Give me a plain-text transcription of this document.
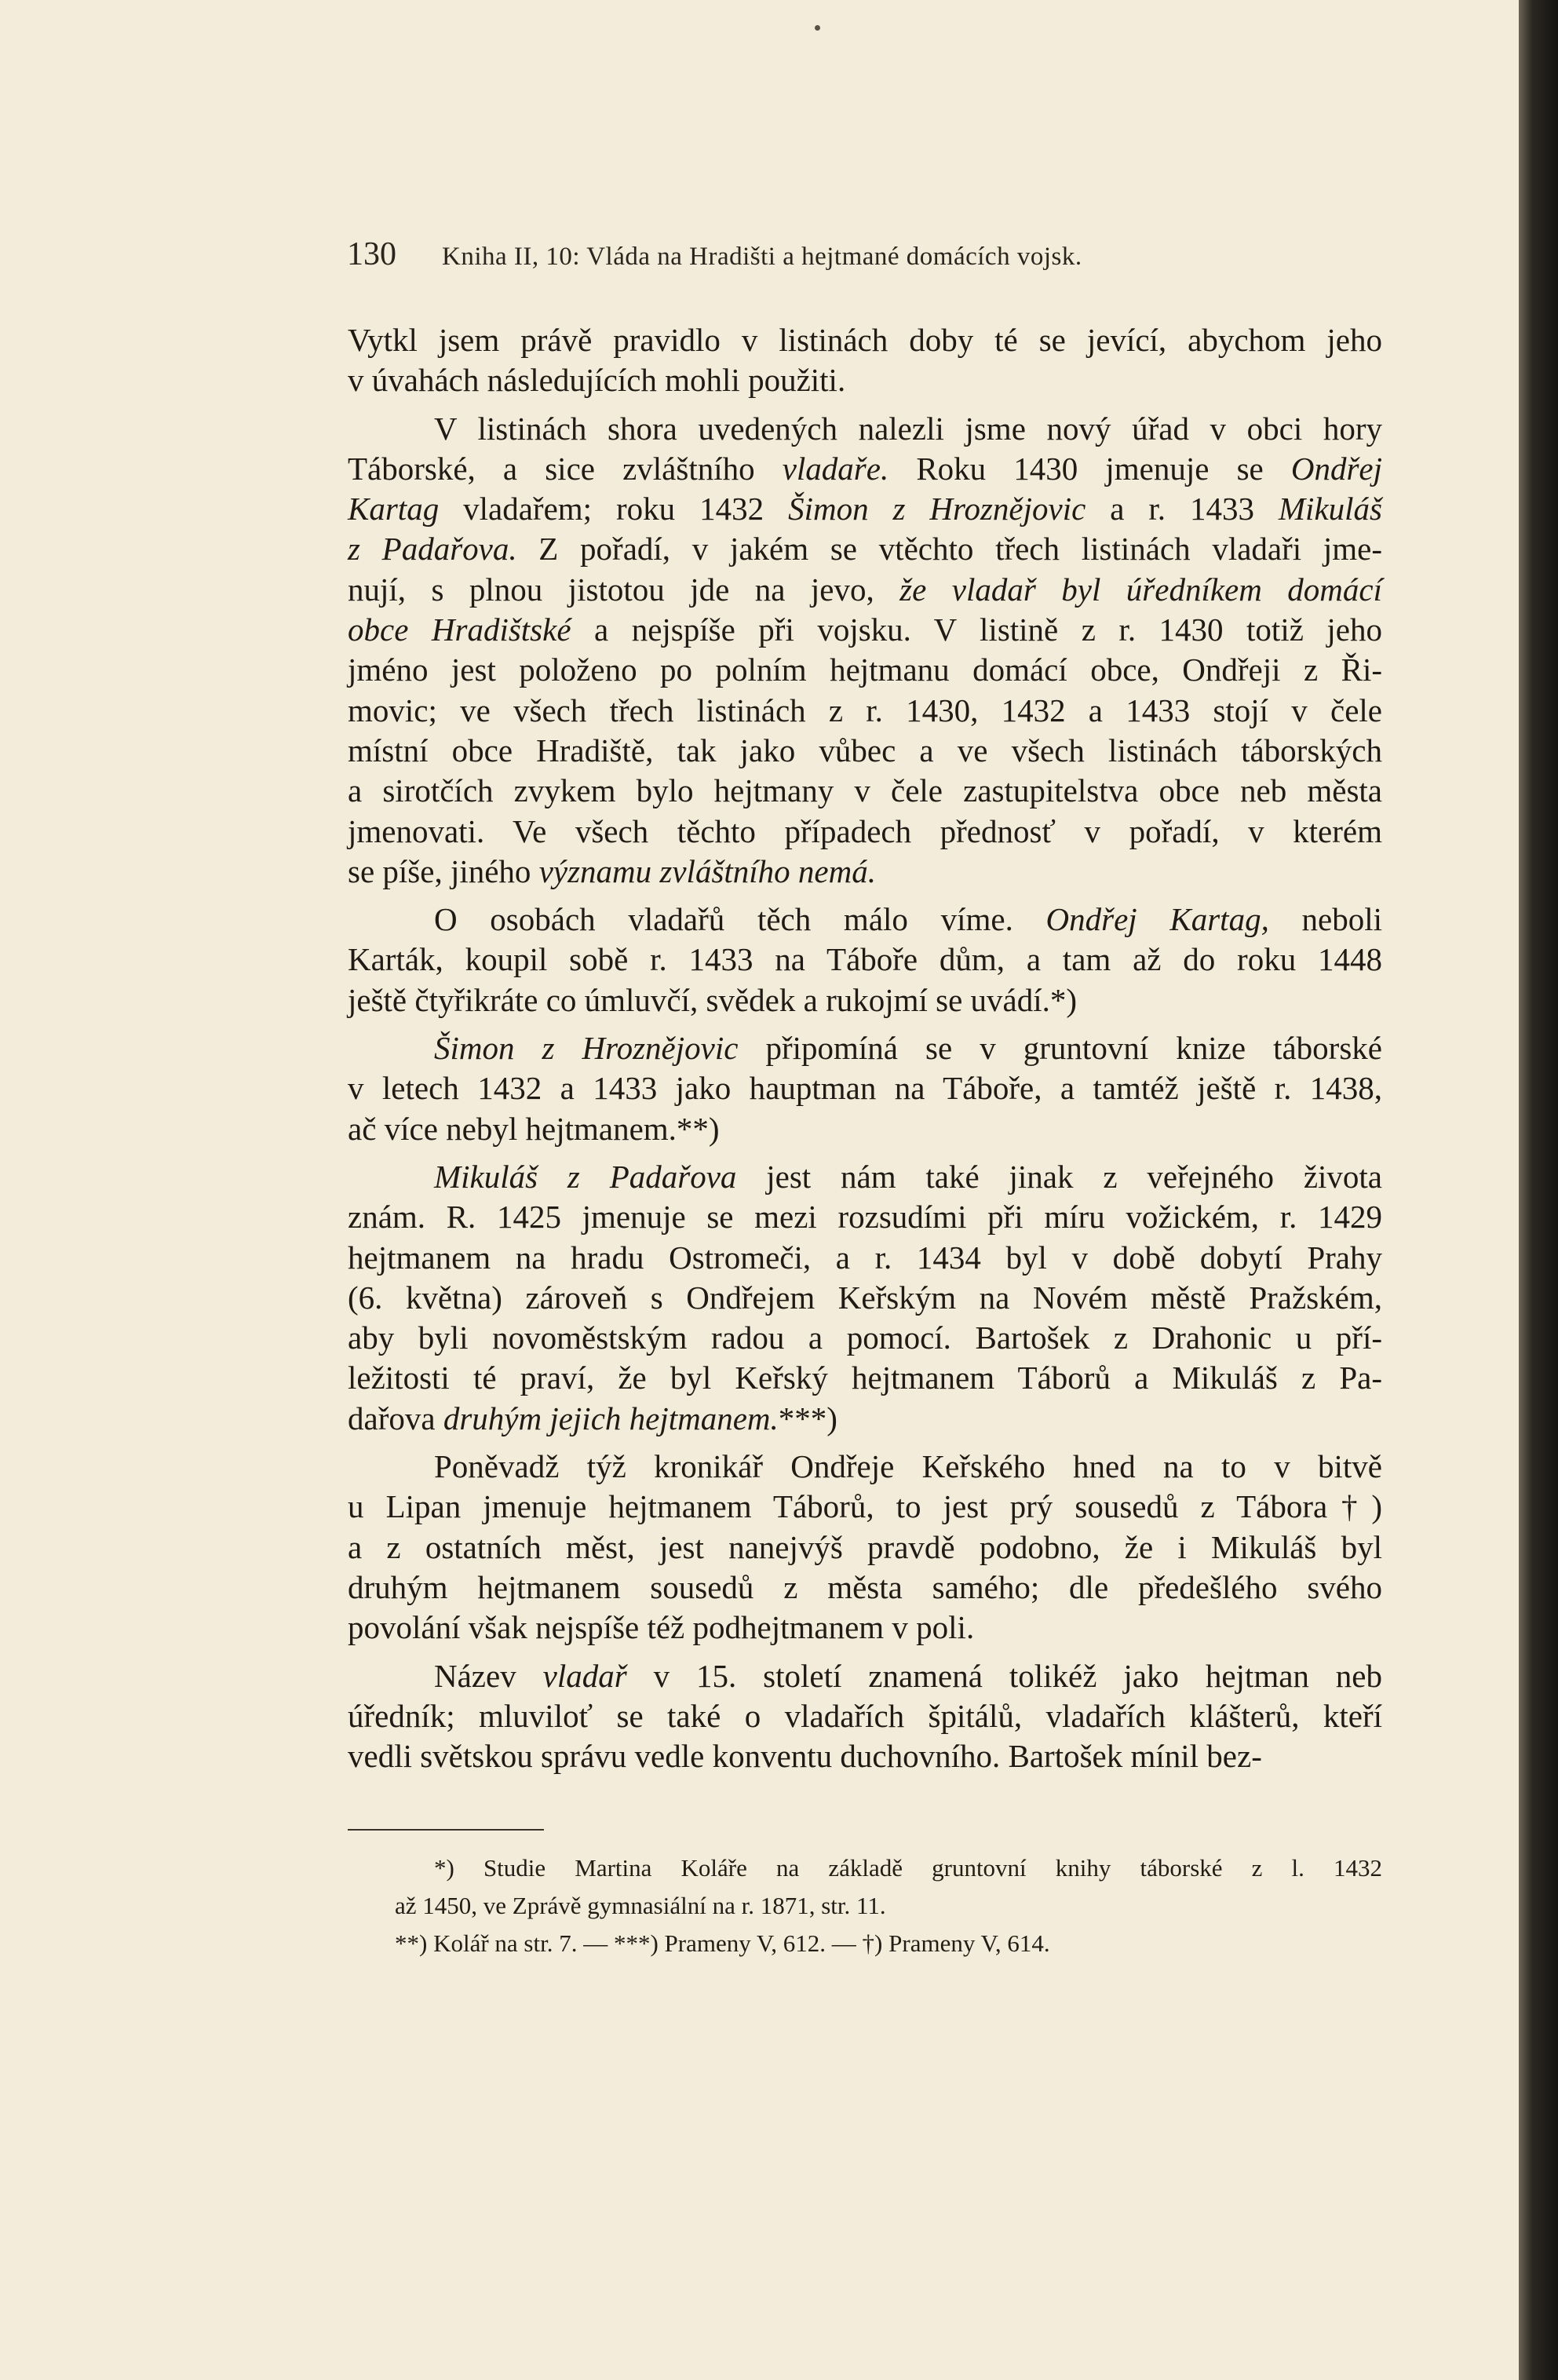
130 Kniha II, 10: Vláda na Hradišti a hejtmané domácích vojsk.
Vytkl jsem právě pravidlo v listinách doby té se jevící, abychom jeho
v úvahách následujících mohli použiti.
V listinách shora uvedených nalezli jsme nový úřad v obci hory
Táborské, a sice zvláštního vladaře. Roku 1430 jmenuje se Ondřej
Kartag vladařem; roku 1432 Šimon z Hroznějovic a r. 1433 Mikuláš
z Padařova. Z pořadí, v jakém se vtěchto třech listinách vladaři jme-
nují, s plnou jistotou jde na jevo, že vladař byl úředníkem domácí
obce Hradištské a nejspíše při vojsku. V listině z r. 1430 totiž jeho
jméno jest položeno po polním hejtmanu domácí obce, Ondřeji z Ři-
movic; ve všech třech listinách z r. 1430, 1432 a 1433 stojí v čele
místní obce Hradiště, tak jako vůbec a ve všech listinách táborských
a sirotčích zvykem bylo hejtmany v čele zastupitelstva obce neb města
jmenovati. Ve všech těchto případech přednosť v pořadí, v kterém
se píše, jiného významu zvláštního nemá.
O osobách vladařů těch málo víme. Ondřej Kartag, neboli
Karták, koupil sobě r. 1433 na Táboře dům, a tam až do roku 1448
ještě čtyřikráte co úmluvčí, svědek a rukojmí se uvádí.*)
Šimon z Hroznějovic připomíná se v gruntovní knize táborské
v letech 1432 a 1433 jako hauptman na Táboře, a tamtéž ještě r. 1438,
ač více nebyl hejtmanem.**)
Mikuláš z Padařova jest nám také jinak z veřejného života
znám. R. 1425 jmenuje se mezi rozsudími při míru vožickém, r. 1429
hejtmanem na hradu Ostromeči, a r. 1434 byl v době dobytí Prahy
(6. května) zároveň s Ondřejem Keřským na Novém městě Pražském,
aby byli novoměstským radou a pomocí. Bartošek z Drahonic u pří-
ležitosti té praví, že byl Keřský hejtmanem Táborů a Mikuláš z Pa-
dařova druhým jejich hejtmanem.***)
Poněvadž týž kronikář Ondřeje Keřského hned na to v bitvě
u Lipan jmenuje hejtmanem Táborů, to jest prý sousedů z Tábora†)
a z ostatních měst, jest nanejvýš pravdě podobno, že i Mikuláš byl
druhým hejtmanem sousedů z města samého; dle předešlého svého
povolání však nejspíše též podhejtmanem v poli.
Název vladař v 15. století znamená tolikéž jako hejtman neb
úředník; mluviloť se také o vladařích špitálů, vladařích klášterů, kteří
vedli světskou správu vedle konventu duchovního. Bartošek mínil bez-
*) Studie Martina Koláře na základě gruntovní knihy táborské z l. 1432
až 1450, ve Zprávě gymnasiální na r. 1871, str. 11.
**) Kolář na str. 7. — ***) Prameny V, 612. — †) Prameny V, 614.
